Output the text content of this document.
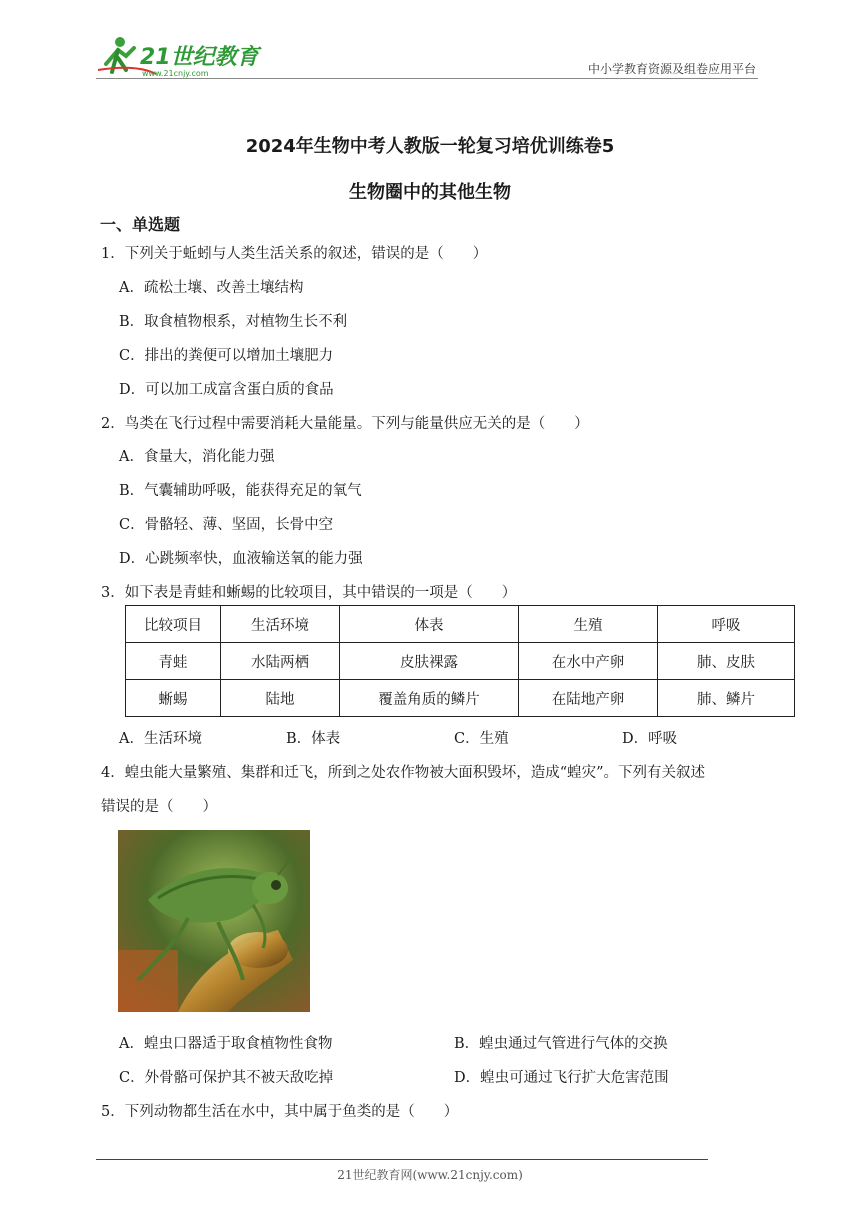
21世纪教育
www.21cnjy.com	中小学教育资源及组卷应用平台
2024年生物中考人教版一轮复习培优训练卷5
生物圈中的其他生物
一、单选题
1．下列关于蚯蚓与人类生活关系的叙述，错误的是（　　）
A．疏松土壤、改善土壤结构
B．取食植物根系，对植物生长不利
C．排出的粪便可以增加土壤肥力
D．可以加工成富含蛋白质的食品
2．鸟类在飞行过程中需要消耗大量能量。下列与能量供应无关的是（　　）
A．食量大，消化能力强
B．气囊辅助呼吸，能获得充足的氧气
C．骨骼轻、薄、坚固，长骨中空
D．心跳频率快，血液输送氧的能力强
3．如下表是青蛙和蜥蜴的比较项目，其中错误的一项是（　　）
比较项目	生活环境	体表	生殖	呼吸
青蛙	水陆两栖	皮肤裸露	在水中产卵	肺、皮肤
蜥蜴	陆地	覆盖角质的鳞片	在陆地产卵	肺、鳞片
A．生活环境	B．体表	C．生殖	D．呼吸
4．蝗虫能大量繁殖、集群和迁飞，所到之处农作物被大面积毁坏，造成“蝗灾”。下列有关叙述
错误的是（　　）
A．蝗虫口器适于取食植物性食物	B．蝗虫通过气管进行气体的交换
C．外骨骼可保护其不被天敌吃掉	D．蝗虫可通过飞行扩大危害范围
5．下列动物都生活在水中，其中属于鱼类的是（　　）
21世纪教育网(www.21cnjy.com)
